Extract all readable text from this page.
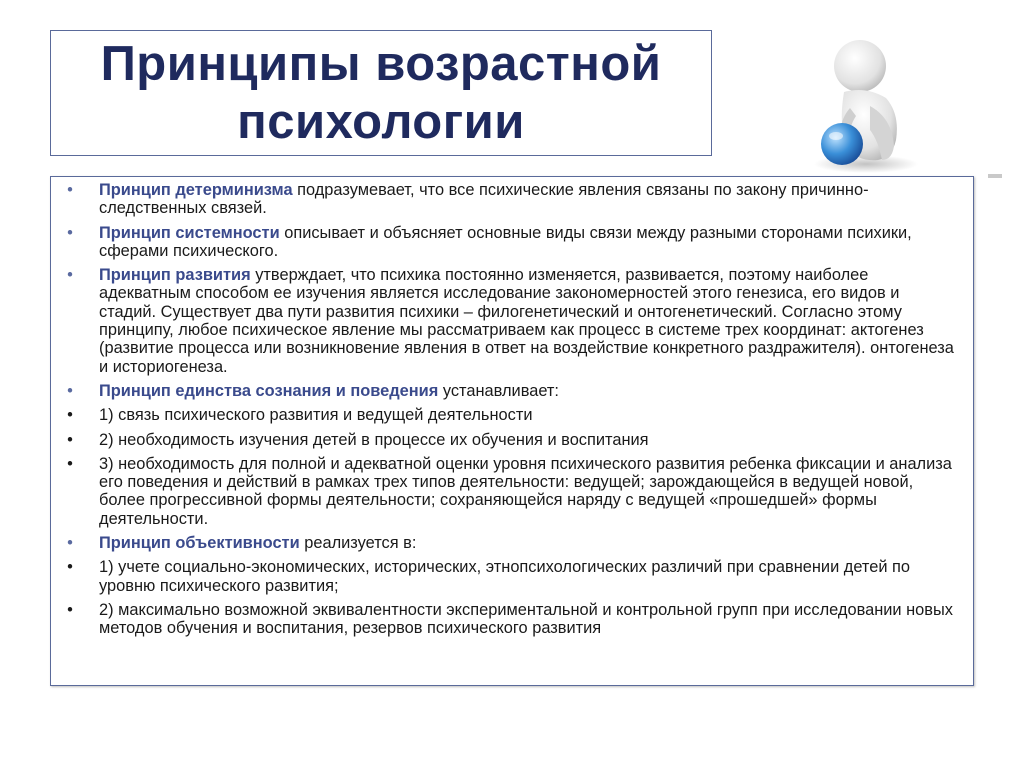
Принципы возрастной
психологии
• Принцип детерминизма подразумевает, что все психические явления связаны по закону причинно-следственных связей.
• Принцип системности описывает и объясняет основные виды связи между разными сторонами психики, сферами психического.
• Принцип развития утверждает, что психика постоянно изменяется, развивается, поэтому наиболее адекватным способом ее изучения является исследование закономерностей этого генезиса, его видов и стадий. Существует два пути развития психики – филогенетический и онтогенетический. Согласно этому принципу, любое психическое явление мы рассматриваем как процесс в системе трех координат: актогенез (развитие процесса или возникновение явления в ответ на воздействие конкретного раздражителя). онтогенеза и историогенеза.
• Принцип единства сознания и поведения устанавливает:
• 1) связь психического развития и ведущей деятельности
• 2) необходимость изучения детей в процессе их обучения и воспитания
• 3) необходимость для полной и адекватной оценки уровня психического развития ребенка фиксации и анализа его поведения и действий в рамках трех типов деятельности: ведущей; зарождающейся в ведущей новой, более прогрессивной формы деятельности; сохраняющейся наряду с ведущей «прошедшей» формы деятельности.
• Принцип объективности реализуется в:
• 1) учете социально-экономических, исторических, этнопсихологических различий при сравнении детей по уровню психического развития;
• 2) максимально возможной эквивалентности экспериментальной и контрольной групп при исследовании новых методов обучения и воспитания, резервов психического развития
